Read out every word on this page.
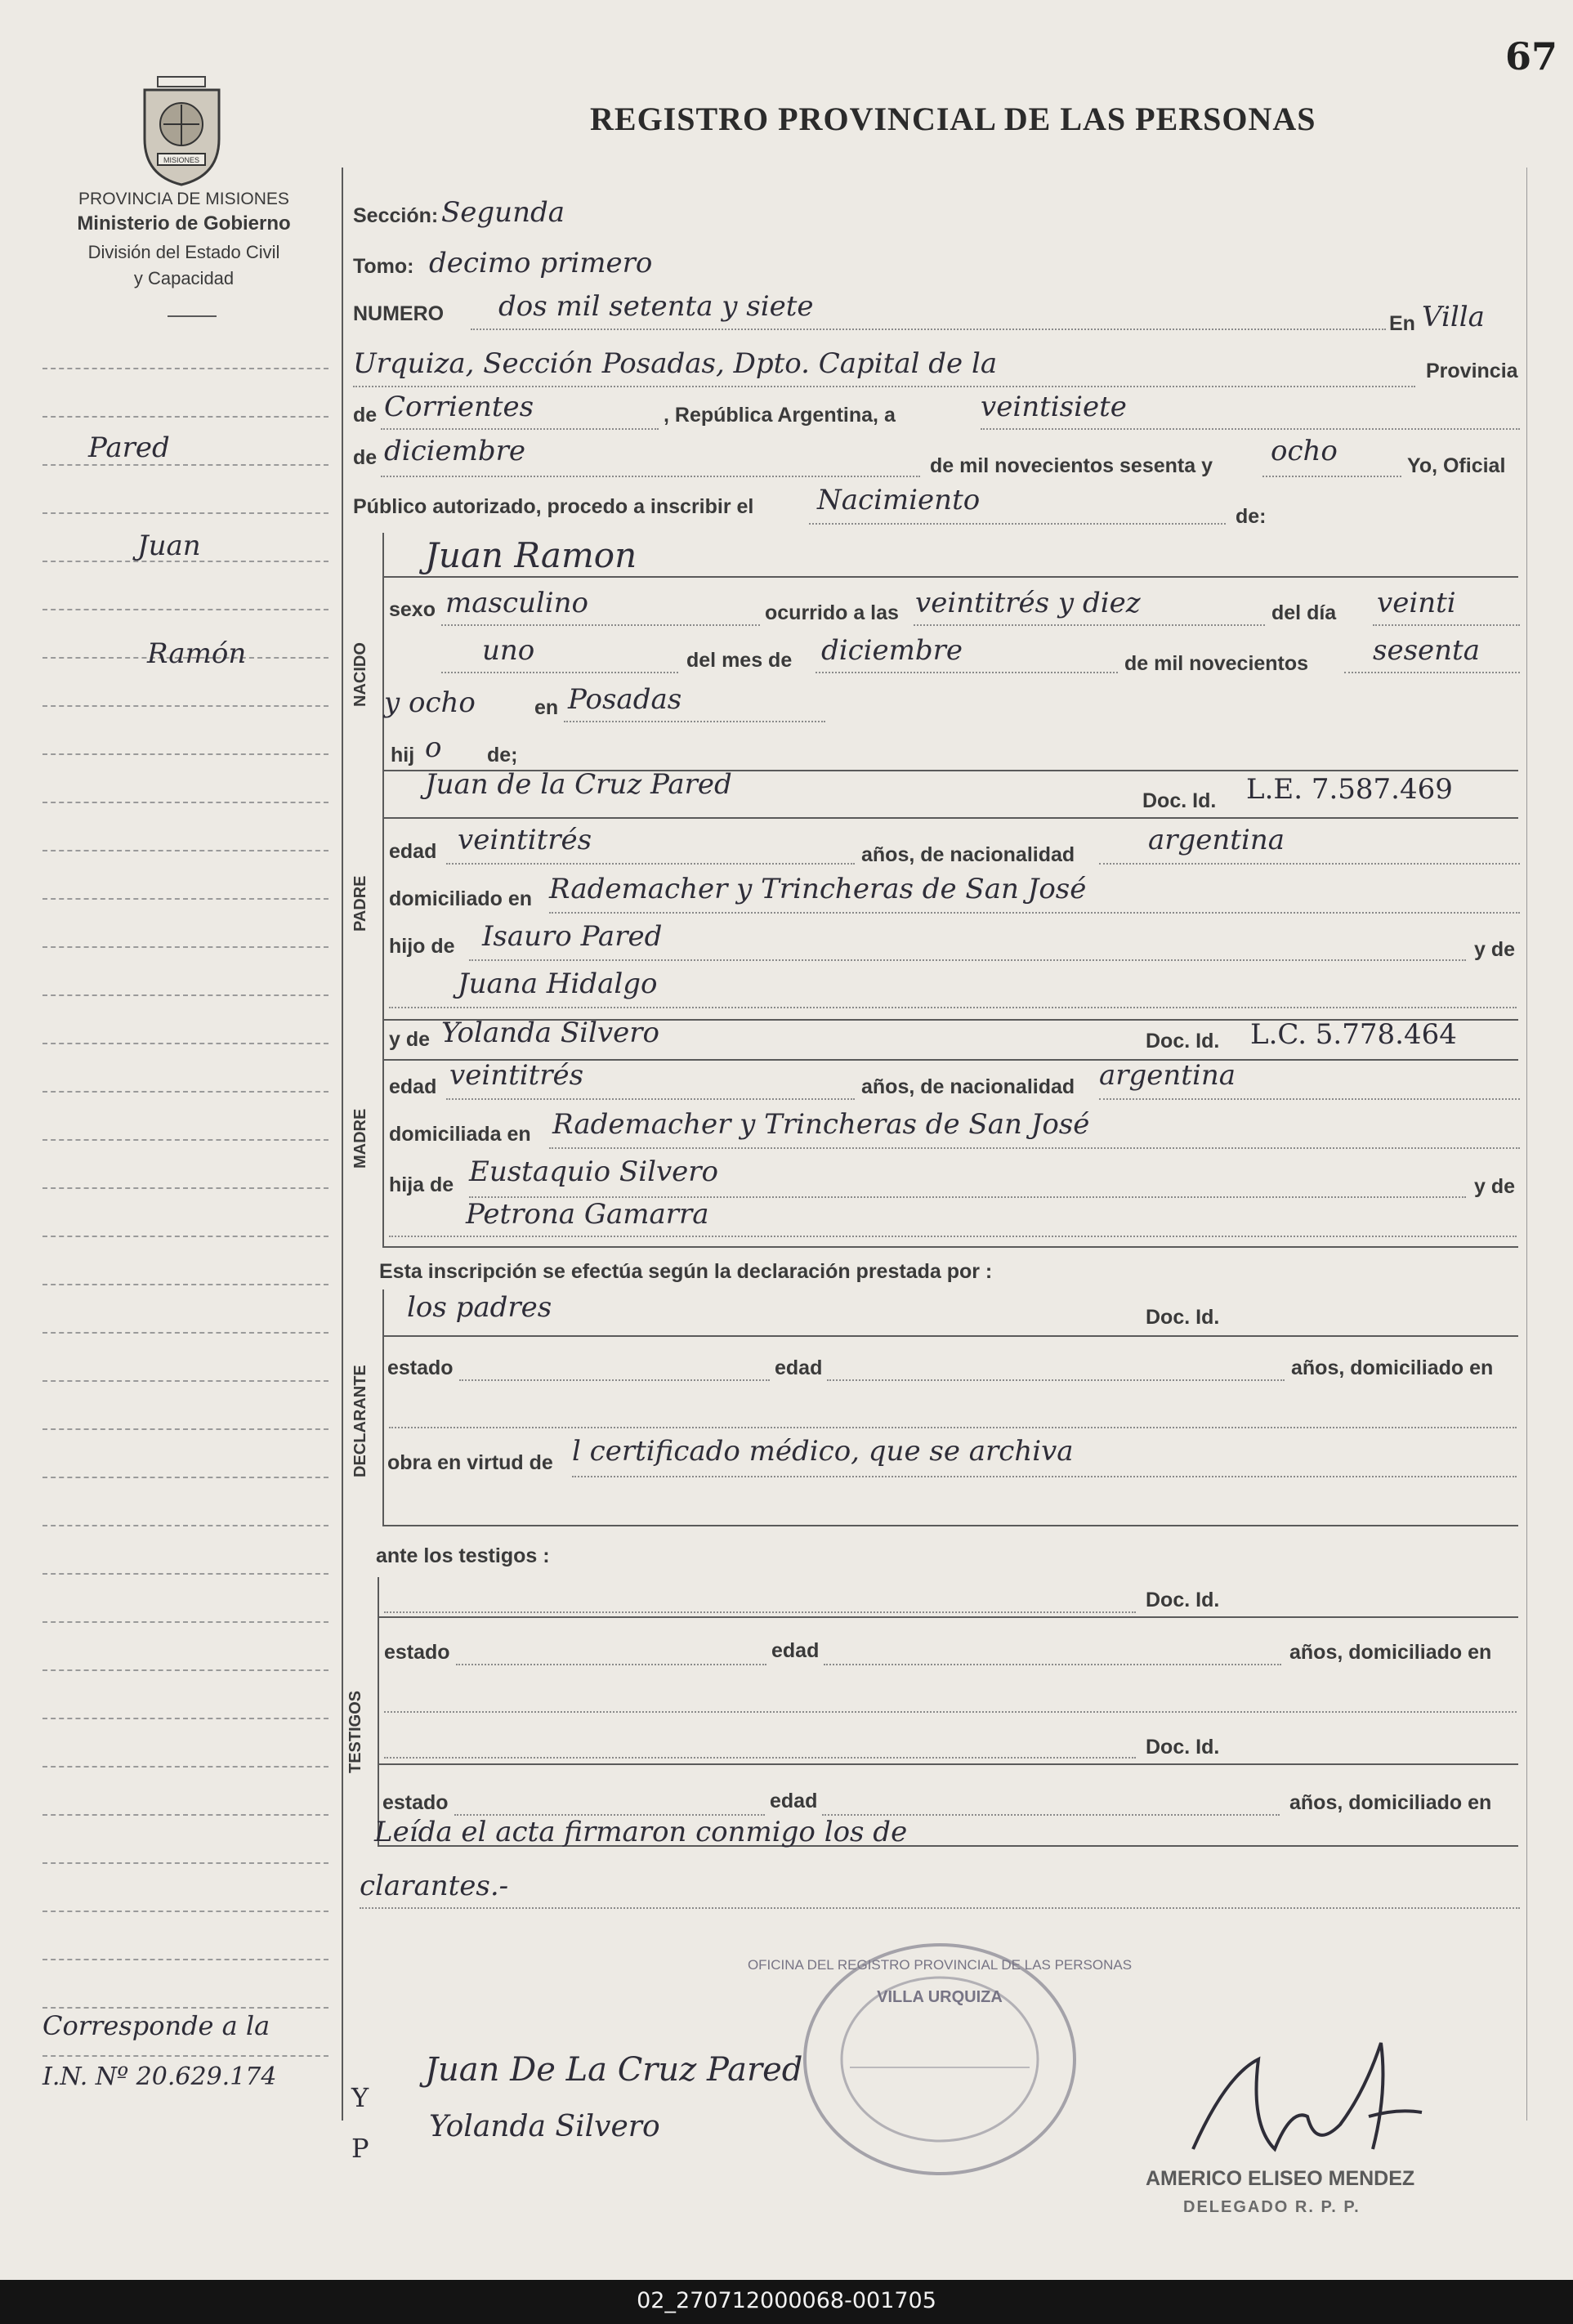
67
MISIONES
PROVINCIA DE MISIONES
Ministerio de Gobierno
División del Estado Civil
y Capacidad
REGISTRO PROVINCIAL DE LAS PERSONAS
Pared
Juan
Ramón
Corresponde a la
I.N. Nº 20.629.174
Sección: Segunda
Tomo: decimo primero
NUMERO dos mil setenta y siete
En Villa
Urquiza, Sección Posadas, Dpto. Capital de la	Provincia
de Corrientes	, República Argentina, a	veintisiete
de diciembre	de mil novecientos sesenta y ocho	Yo, Oficial
Público autorizado, procedo a inscribir el Nacimiento	de:
NACIDO
Juan Ramon
sexo masculino	ocurrido a las veintitrés y diez	del día veinti
uno	del mes de diciembre	de mil novecientos sesenta
y ocho	en Posadas
hij o de;
PADRE
Juan de la Cruz Pared	Doc. Id. L.E. 7.587.469
edad veintitrés	años, de nacionalidad	argentina
domiciliado en Rademacher y Trincheras de San José
hijo de Isauro Pared	y de
Juana Hidalgo
MADRE
y de Yolanda Silvero	Doc. Id. L.C. 5.778.464
edad veintitrés	años, de nacionalidad argentina
domiciliada en Rademacher y Trincheras de San José
hija de Eustaquio Silvero	y de
Petrona Gamarra
Esta inscripción se efectúa según la declaración prestada por :
DECLARANTE
los padres	Doc. Id.
estado	edad	años, domiciliado en
obra en virtud de l certificado médico, que se archiva
ante los testigos :
TESTIGOS
Doc. Id.
estado	edad	años, domiciliado en
Doc. Id.
estado	edad	años, domiciliado en
Leída el acta firmaron conmigo los de
clarantes.-
OFICINA DEL REGISTRO PROVINCIAL DE LAS PERSONAS
VILLA URQUIZA
Y
P
Juan De La Cruz Pared
Yolanda Silvero
AMERICO ELISEO MENDEZ
DELEGADO R. P. P.
02_270712000068-001705
